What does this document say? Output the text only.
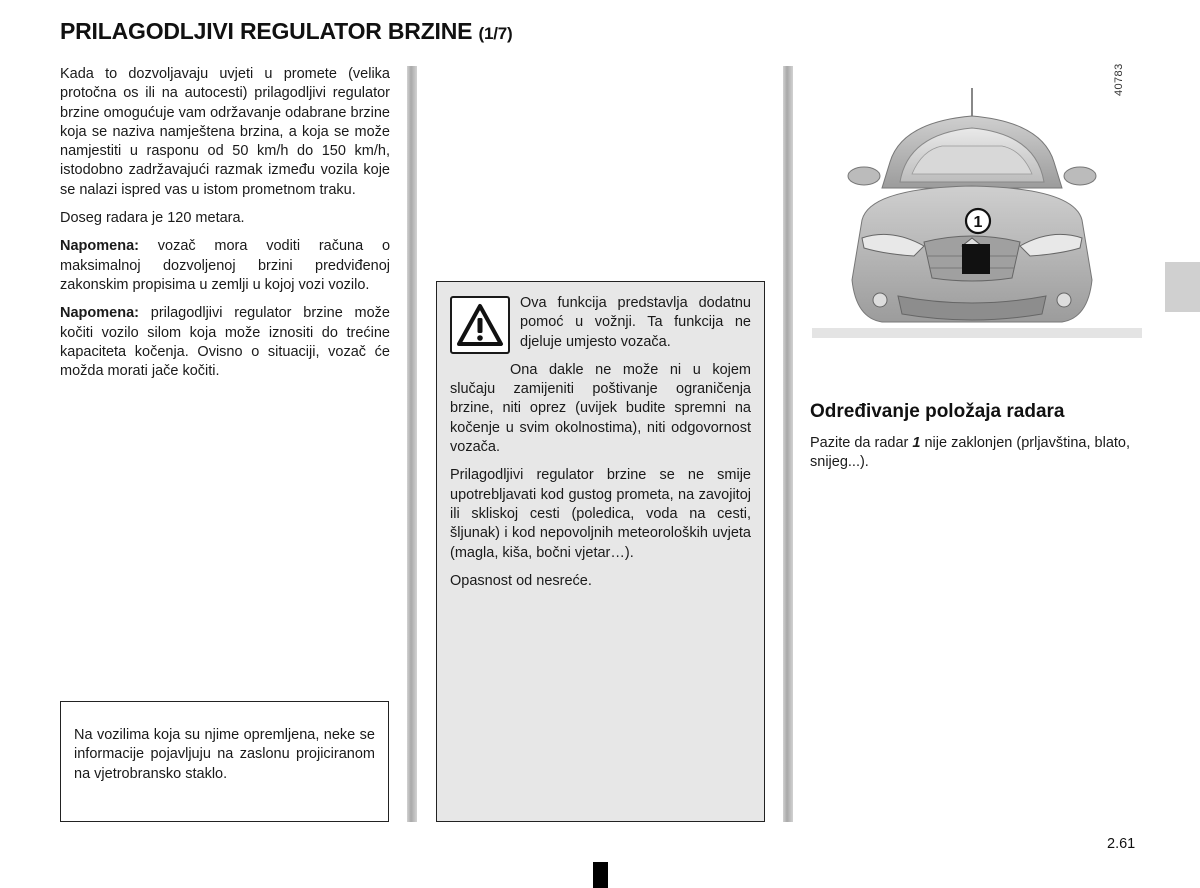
PRILAGODLJIVI REGULATOR BRZINE (1/7)

Kada to dozvoljavaju uvjeti u promete (velika protočna os ili na autocesti) prilagodljivi regulator brzine omogućuje vam održavanje odabrane brzine koja se naziva namještena brzina, a koja se može namjestiti u rasponu od 50 km/h do 150 km/h, istodobno zadržavajući razmak između vozila koje se nalazi ispred vas u istom prometnom traku.

Doseg radara je 120 metara.

Napomena: vozač mora voditi računa o maksimalnoj dozvoljenoj brzini predviđenoj zakonskim propisima u zemlji u kojoj vozi vozilo.

Napomena: prilagodljivi regulator brzine može kočiti vozilo silom koja može iznositi do trećine kapaciteta kočenja. Ovisno o situaciji, vozač će možda morati jače kočiti.

Na vozilima koja su njime opremljena, neke se informacije pojavljuju na zaslonu projiciranom na vjetrobransko staklo.

Ova funkcija predstavlja dodatnu pomoć u vožnji. Ta funkcija ne djeluje umjesto vozača.

Ona dakle ne može ni u kojem slučaju zamijeniti poštivanje ograničenja brzine, niti oprez (uvijek budite spremni na kočenje u svim okolnostima), niti odgovornost vozača.

Prilagodljivi regulator brzine se ne smije upotrebljavati kod gustog prometa, na zavojitoj ili skliskoj cesti (poledica, voda na cesti, šljunak) i kod nepovoljnih meteoroloških uvjeta (magla, kiša, bočni vjetar…).

Opasnost od nesreće.

1
40783
Određivanje položaja radara

Pazite da radar 1 nije zaklonjen (prljavština, blato, snijeg...).

2.61
